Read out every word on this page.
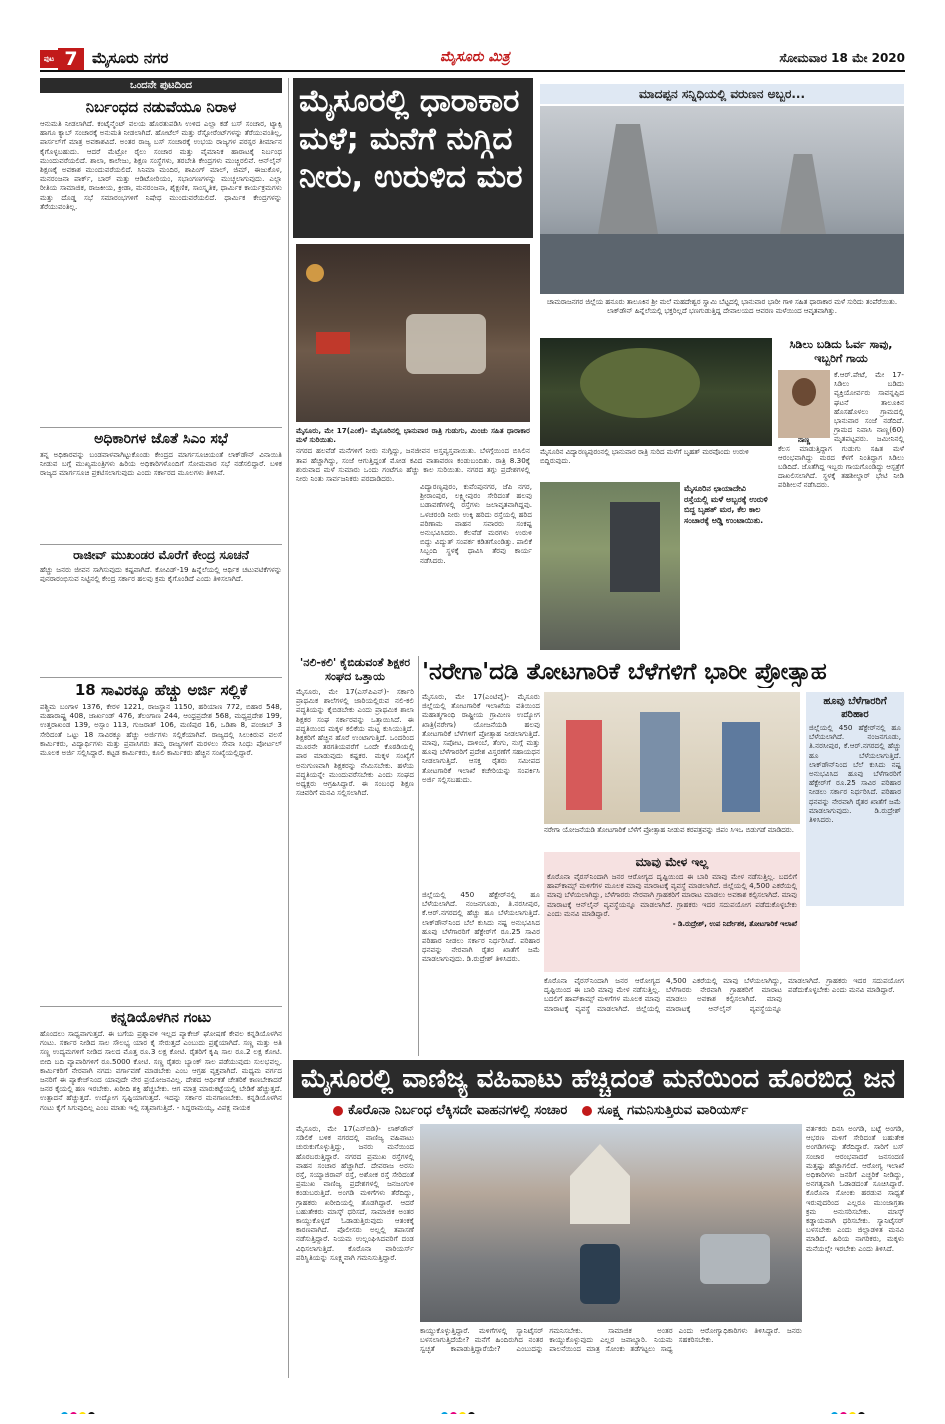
ಪುಟ 7 ಮೈಸೂರು ನಗರ	ಮೈಸೂರು ಮಿತ್ರ	ಸೋಮವಾರ 18 ಮೇ 2020
ಒಂದನೇ ಪುಟದಿಂದ
ನಿರ್ಬಂಧದ ನಡುವೆಯೂ ನಿರಾಳ
ಆನುಮತಿ ನೀಡಲಾಗಿದೆ. ಕಂಟೈನ್ಮೆಂಟ್ ವಲಯ ಹೊರತುಪಡಿಸಿ ಉಳಿದ ಎಲ್ಲಾ ಕಡೆ ಬಸ್ ಸಂಚಾರ, ಟ್ಯಾಕ್ಸಿ ಹಾಗೂ ಕ್ಯಾಬ್ ಸಂಚಾರಕ್ಕೆ ಅನುಮತಿ ನೀಡಲಾಗಿದೆ. ಹೋಟೆಲ್ ಮತ್ತು ರೆಸ್ಟೋರೆಂಟ್‌ಗಳನ್ನು ತೆರೆಯುವಂತಿಲ್ಲ, ಪಾರ್ಸಲ್‌ಗೆ ಮಾತ್ರ ಅವಕಾಶವಿದೆ. ಅಂತರ ರಾಜ್ಯ ಬಸ್ ಸಂಚಾರಕ್ಕೆ ಉಭಯ ರಾಜ್ಯಗಳ ಪರಸ್ಪರ ತೀರ್ಮಾನ ಕೈಗೊಳ್ಳಬಹುದು. ಆದರೆ ಮೆಟ್ರೋ ರೈಲು ಸಂಚಾರ ಮತ್ತು ವೈಮಾನಿಕ ಹಾರಾಟಕ್ಕೆ ನಿರ್ಬಂಧ ಮುಂದುವರೆಯಲಿದೆ. ಶಾಲಾ, ಕಾಲೇಜು, ಶಿಕ್ಷಣ ಸಂಸ್ಥೆಗಳು, ತರಬೇತಿ ಕೇಂದ್ರಗಳು ಮುಚ್ಚಿರಲಿವೆ. ಆನ್‌ಲೈನ್ ಶಿಕ್ಷಣಕ್ಕೆ ಅವಕಾಶ ಮುಂದುವರೆಯಲಿದೆ. ಸಿನಿಮಾ ಮಂದಿರ, ಶಾಪಿಂಗ್ ಮಾಲ್, ಜಿಮ್, ಈಜುಕೊಳ, ಮನರಂಜನಾ ಪಾರ್ಕ್, ಬಾರ್ ಮತ್ತು ಆಡಿಟೋರಿಯಂ, ಸಭಾಂಗಣಗಳನ್ನು ಮುಚ್ಚಲಾಗುವುದು. ಎಲ್ಲಾ ರೀತಿಯ ಸಾಮಾಜಿಕ, ರಾಜಕೀಯ, ಕ್ರೀಡಾ, ಮನರಂಜನಾ, ಶೈಕ್ಷಣಿಕ, ಸಾಂಸ್ಕೃತಿಕ, ಧಾರ್ಮಿಕ ಕಾರ್ಯಕ್ರಮಗಳು ಮತ್ತು ದೊಡ್ಡ ಸಭೆ ಸಮಾರಂಭಗಳಿಗೆ ನಿಷೇಧ ಮುಂದುವರೆಯಲಿದೆ. ಧಾರ್ಮಿಕ ಕೇಂದ್ರಗಳನ್ನು ತೆರೆಯುವಂತಿಲ್ಲ.
ಅಧಿಕಾರಿಗಳ ಜೊತೆ ಸಿಎಂ ಸಭೆ
ತನ್ನ ಅಧಿಕಾರವನ್ನು ಬಂಡವಾಳವಾಗಿಟ್ಟುಕೊಂಡು ಕೇಂದ್ರದ ಮಾರ್ಗಸೂಚಿಯಂತೆ ಲಾಕ್‌ಡೌನ್ ವಿನಾಯಿತಿ ನೀಡುವ ಬಗ್ಗೆ ಮುಖ್ಯಮಂತ್ರಿಗಳು ಹಿರಿಯ ಅಧಿಕಾರಿಗಳೊಂದಿಗೆ ಸೋಮವಾರ ಸಭೆ ನಡೆಸಲಿದ್ದಾರೆ. ಬಳಿಕ ರಾಜ್ಯದ ಮಾರ್ಗಸೂಚಿ ಪ್ರಕಟಿಸಲಾಗುವುದು ಎಂದು ಸರ್ಕಾರದ ಮೂಲಗಳು ತಿಳಿಸಿವೆ.
ರಾಜೀವ್ ಮುಖಂಡರ ಮೊರೆಗೆ ಕೇಂದ್ರ ಸೂಚನೆ
ಹೆಚ್ಚು ಜನರು ಜೀವನ ಸಾಗಿಸುವುದು ಕಷ್ಟವಾಗಿದೆ. ಕೋವಿಡ್-19 ಹಿನ್ನೆಲೆಯಲ್ಲಿ ಆರ್ಥಿಕ ಚಟುವಟಿಕೆಗಳನ್ನು ಪುನರಾರಂಭಿಸುವ ನಿಟ್ಟಿನಲ್ಲಿ ಕೇಂದ್ರ ಸರ್ಕಾರ ಹಲವು ಕ್ರಮ ಕೈಗೊಂಡಿದೆ ಎಂದು ತಿಳಿಸಲಾಗಿದೆ.
18 ಸಾವಿರಕ್ಕೂ ಹೆಚ್ಚು ಅರ್ಜಿ ಸಲ್ಲಿಕೆ
ಪಶ್ಚಿಮ ಬಂಗಾಳ 1376, ಕೇರಳ 1221, ರಾಜಸ್ಥಾನ 1150, ಹರಿಯಾಣ 772, ಬಿಹಾರ 548, ಮಹಾರಾಷ್ಟ್ರ 408, ಜಾರ್ಖಂಡ್ 476, ತೆಲಂಗಾಣ 244, ಆಂಧ್ರಪ್ರದೇಶ 568, ಮಧ್ಯಪ್ರದೇಶ 199, ಉತ್ತರಾಖಂಡ 139, ಅಸ್ಸಾಂ 113, ಗುಜರಾತ್ 106, ಮಣಿಪುರ 16, ಒಡಿಶಾ 8, ಪಂಜಾಬ್ 3 ಸೇರಿದಂತೆ ಒಟ್ಟು 18 ಸಾವಿರಕ್ಕೂ ಹೆಚ್ಚು ಅರ್ಜಿಗಳು ಸಲ್ಲಿಕೆಯಾಗಿವೆ. ರಾಜ್ಯದಲ್ಲಿ ಸಿಲುಕಿರುವ ವಲಸೆ ಕಾರ್ಮಿಕರು, ವಿದ್ಯಾರ್ಥಿಗಳು ಮತ್ತು ಪ್ರವಾಸಿಗರು ತಮ್ಮ ರಾಜ್ಯಗಳಿಗೆ ಮರಳಲು ಸೇವಾ ಸಿಂಧು ಪೋರ್ಟಲ್ ಮೂಲಕ ಅರ್ಜಿ ಸಲ್ಲಿಸಿದ್ದಾರೆ. ಕಟ್ಟಡ ಕಾರ್ಮಿಕರು, ಕೂಲಿ ಕಾರ್ಮಿಕರು ಹೆಚ್ಚಿನ ಸಂಖ್ಯೆಯಲ್ಲಿದ್ದಾರೆ.
ಕನ್ನಡಿಯೊಳಗಿನ ಗಂಟು
ಹೊಂದಲು ಸಾಧ್ಯವಾಗುತ್ತದೆ. ಈ ಬಗೆಯ ಪ್ರಶ್ನಾವಳಿ ಇಲ್ಲದ ಪ್ಯಾಕೇಜ್ ಘೋಷಣೆ ಕೇವಲ ಕನ್ನಡಿಯೊಳಗಿನ ಗಂಟು. ಸರ್ಕಾರ ನೀಡಿದ ಸಾಲ ಸೌಲಭ್ಯ ಯಾರ ಕೈ ಸೇರುತ್ತದೆ ಎಂಬುದು ಪ್ರಶ್ನೆಯಾಗಿದೆ. ಸಣ್ಣ ಮತ್ತು ಅತಿ ಸಣ್ಣ ಉದ್ಯಮಗಳಿಗೆ ನೀಡಿದ ಸಾಲದ ಮೊತ್ತ ರೂ.3 ಲಕ್ಷ ಕೋಟಿ. ರೈತರಿಗೆ ಕೃಷಿ ಸಾಲ ರೂ.2 ಲಕ್ಷ ಕೋಟಿ. ಬೀದಿ ಬದಿ ವ್ಯಾಪಾರಿಗಳಿಗೆ ರೂ.5000 ಕೋಟಿ. ಸಣ್ಣ ರೈತರು ಬ್ಯಾಂಕ್ ಸಾಲ ಪಡೆಯುವುದು ಸುಲಭವಲ್ಲ. ಕಾರ್ಮಿಕರಿಗೆ ನೇರವಾಗಿ ನಗದು ವರ್ಗಾವಣೆ ಮಾಡಬೇಕು ಎಂಬ ಆಗ್ರಹ ವ್ಯಕ್ತವಾಗಿದೆ. ಮಧ್ಯಮ ವರ್ಗದ ಜನರಿಗೆ ಈ ಪ್ಯಾಕೇಜ್‌ನಿಂದ ಯಾವುದೇ ನೇರ ಪ್ರಯೋಜನವಿಲ್ಲ. ದೇಶದ ಆರ್ಥಿಕತೆ ಚೇತರಿಕೆ ಕಾಣಬೇಕಾದರೆ ಜನರ ಕೈಯಲ್ಲಿ ಹಣ ಇರಬೇಕು. ಖರೀದಿ ಶಕ್ತಿ ಹೆಚ್ಚಬೇಕು. ಆಗ ಮಾತ್ರ ಮಾರುಕಟ್ಟೆಯಲ್ಲಿ ಬೇಡಿಕೆ ಹೆಚ್ಚುತ್ತದೆ. ಉತ್ಪಾದನೆ ಹೆಚ್ಚುತ್ತದೆ. ಉದ್ಯೋಗ ಸೃಷ್ಟಿಯಾಗುತ್ತದೆ. ಇದನ್ನು ಸರ್ಕಾರ ಮನಗಾಣಬೇಕು. ಕನ್ನಡಿಯೊಳಗಿನ ಗಂಟು ಕೈಗೆ ಸಿಗುವುದಿಲ್ಲ ಎಂಬ ಮಾತು ಇಲ್ಲಿ ಸತ್ಯವಾಗುತ್ತಿದೆ. - ಸಿದ್ದರಾಮಯ್ಯ, ವಿಪಕ್ಷ ನಾಯಕ
ಮೈಸೂರಲ್ಲಿ ಧಾರಾಕಾರ ಮಳೆ; ಮನೆಗೆ ನುಗ್ಗಿದ ನೀರು, ಉರುಳಿದ ಮರ
ಮೈಸೂರು, ಮೇ 17(ಎಂಕೆ)- ಮೈಸೂರಿನಲ್ಲಿ ಭಾನುವಾರ ರಾತ್ರಿ ಗುಡುಗು, ಮಿಂಚು ಸಹಿತ ಧಾರಾಕಾರ ಮಳೆ ಸುರಿಯಿತು.
ನಗರದ ಹಲವೆಡೆ ಮನೆಗಳಿಗೆ ನೀರು ನುಗ್ಗಿದ್ದು, ಜನಜೀವನ ಅಸ್ತವ್ಯಸ್ತವಾಯಿತು. ಬೆಳಗ್ಗೆಯಿಂದ ಬಿಸಿಲಿನ ತಾಪ ಹೆಚ್ಚಾಗಿದ್ದು, ಸಂಜೆ ಆಗುತ್ತಿದ್ದಂತೆ ಮೋಡ ಕವಿದ ವಾತಾವರಣ ಕಂಡುಬಂದಿತು. ರಾತ್ರಿ 8.30ಕ್ಕೆ ಶುರುವಾದ ಮಳೆ ಸುಮಾರು ಒಂದು ಗಂಟೆಗೂ ಹೆಚ್ಚು ಕಾಲ ಸುರಿಯಿತು. ನಗರದ ತಗ್ಗು ಪ್ರದೇಶಗಳಲ್ಲಿ ನೀರು ನಿಂತು ಸಾರ್ವಜನಿಕರು ಪರದಾಡಿದರು.
ಮಾದಪ್ಪನ ಸನ್ನಿಧಿಯಲ್ಲಿ ವರುಣನ ಅಬ್ಬರ...
ಚಾಮರಾಜನಗರ ಜಿಲ್ಲೆಯ ಹನೂರು ತಾಲೂಕಿನ ಶ್ರೀ ಮಲೆ ಮಹದೇಶ್ವರ ಸ್ವಾಮಿ ಬೆಟ್ಟದಲ್ಲಿ ಭಾನುವಾರ ಭಾರೀ ಗಾಳಿ ಸಹಿತ ಧಾರಾಕಾರ ಮಳೆ ಸುರಿದು ತಂಪೆರೆಯಿತು. ಲಾಕ್‌ಡೌನ್ ಹಿನ್ನೆಲೆಯಲ್ಲಿ ಭಕ್ತರಿಲ್ಲದೆ ಭಣಗುಡುತ್ತಿದ್ದ ದೇವಾಲಯದ ಆವರಣ ಮಳೆಯಿಂದ ಆವೃತವಾಗಿತ್ತು.
ಮೈಸೂರಿನ ವಿದ್ಯಾರಣ್ಯಪುರಂನಲ್ಲಿ ಭಾನುವಾರ ರಾತ್ರಿ ಸುರಿದ ಮಳೆಗೆ ಬೃಹತ್ ಮರವೊಂದು ಉರುಳಿ ಬಿದ್ದಿರುವುದು.
ಸಿಡಿಲು ಬಡಿದು ಓರ್ವ ಸಾವು, ಇಬ್ಬರಿಗೆ ಗಾಯ
ಕೆ.ಆರ್.ಪೇಟೆ, ಮೇ 17- ಸಿಡಿಲು ಬಡಿದು ವ್ಯಕ್ತಿಯೋರ್ವರು ಸಾವನ್ನಪ್ಪಿದ ಘಟನೆ ತಾಲೂಕಿನ ಹೊಸಹೊಳಲು ಗ್ರಾಮದಲ್ಲಿ ಭಾನುವಾರ ಸಂಜೆ ನಡೆದಿದೆ. ಗ್ರಾಮದ ನಿವಾಸಿ ನಾಣ್ಣ(60) ಮೃತಪಟ್ಟವರು. ಜಮೀನಿನಲ್ಲಿ ಕೆಲಸ ಮಾಡುತ್ತಿದ್ದಾಗ ಗುಡುಗು ಸಹಿತ ಮಳೆ ಆರಂಭವಾಗಿದ್ದು ಮರದ ಕೆಳಗೆ ನಿಂತಿದ್ದಾಗ ಸಿಡಿಲು ಬಡಿದಿದೆ. ಜೊತೆಗಿದ್ದ ಇಬ್ಬರು ಗಾಯಗೊಂಡಿದ್ದು ಆಸ್ಪತ್ರೆಗೆ ದಾಖಲಿಸಲಾಗಿದೆ. ಸ್ಥಳಕ್ಕೆ ತಹಶೀಲ್ದಾರ್ ಭೇಟಿ ನೀಡಿ ಪರಿಶೀಲನೆ ನಡೆಸಿದರು.
ನಾಣ್ಣ
ವಿದ್ಯಾರಣ್ಯಪುರಂ, ಕುವೆಂಪುನಗರ, ಜೆಪಿ ನಗರ, ಶ್ರೀರಾಂಪುರ, ಲಕ್ಷ್ಮೀಪುರಂ ಸೇರಿದಂತೆ ಹಲವು ಬಡಾವಣೆಗಳಲ್ಲಿ ರಸ್ತೆಗಳು ಜಲಾವೃತವಾಗಿದ್ದವು. ಒಳಚರಂಡಿ ನೀರು ಉಕ್ಕಿ ಹರಿದು ರಸ್ತೆಯಲ್ಲಿ ಹರಿದ ಪರಿಣಾಮ ವಾಹನ ಸವಾರರು ಸಂಕಷ್ಟ ಅನುಭವಿಸಿದರು. ಕೆಲವೆಡೆ ಮರಗಳು ಉರುಳಿ ಬಿದ್ದು ವಿದ್ಯುತ್ ಸಂಪರ್ಕ ಕಡಿತಗೊಂಡಿತ್ತು. ಪಾಲಿಕೆ ಸಿಬ್ಬಂದಿ ಸ್ಥಳಕ್ಕೆ ಧಾವಿಸಿ ತೆರವು ಕಾರ್ಯ ನಡೆಸಿದರು.
ಮೈಸೂರಿನ ಛಾಯಾದೇವಿ ರಸ್ತೆಯಲ್ಲಿ ಮಳೆ ಅಬ್ಬರಕ್ಕೆ ಉರುಳಿ ಬಿದ್ದ ಬೃಹತ್ ಮರ, ಕೆಲ ಕಾಲ ಸಂಚಾರಕ್ಕೆ ಅಡ್ಡಿ ಉಂಟಾಯಿತು.
'ನಲಿ-ಕಲಿ' ಕೈಬಿಡುವಂತೆ ಶಿಕ್ಷಕರ ಸಂಘದ ಒತ್ತಾಯ
ಮೈಸೂರು, ಮೇ 17(ಎಸ್‌ಪಿಎನ್)- ಸರ್ಕಾರಿ ಪ್ರಾಥಮಿಕ ಶಾಲೆಗಳಲ್ಲಿ ಜಾರಿಯಲ್ಲಿರುವ ನಲಿ-ಕಲಿ ಪದ್ಧತಿಯನ್ನು ಕೈಬಿಡಬೇಕು ಎಂದು ಪ್ರಾಥಮಿಕ ಶಾಲಾ ಶಿಕ್ಷಕರ ಸಂಘ ಸರ್ಕಾರವನ್ನು ಒತ್ತಾಯಿಸಿದೆ. ಈ ಪದ್ಧತಿಯಿಂದ ಮಕ್ಕಳ ಕಲಿಕೆಯ ಮಟ್ಟ ಕುಸಿಯುತ್ತಿದೆ. ಶಿಕ್ಷಕರಿಗೆ ಹೆಚ್ಚಿನ ಹೊರೆ ಉಂಟಾಗುತ್ತಿದೆ. ಒಂದರಿಂದ ಮೂರನೇ ತರಗತಿಯವರೆಗೆ ಒಂದೇ ಕೊಠಡಿಯಲ್ಲಿ ಪಾಠ ಮಾಡುವುದು ಕಷ್ಟಕರ. ಮಕ್ಕಳ ಸಂಖ್ಯೆಗೆ ಅನುಗುಣವಾಗಿ ಶಿಕ್ಷಕರನ್ನು ನೇಮಿಸಬೇಕು. ಹಳೆಯ ಪದ್ಧತಿಯನ್ನೇ ಮುಂದುವರೆಸಬೇಕು ಎಂದು ಸಂಘದ ಅಧ್ಯಕ್ಷರು ಆಗ್ರಹಿಸಿದ್ದಾರೆ. ಈ ಸಂಬಂಧ ಶಿಕ್ಷಣ ಸಚಿವರಿಗೆ ಮನವಿ ಸಲ್ಲಿಸಲಾಗಿದೆ.
'ನರೇಗಾ'ದಡಿ ತೋಟಗಾರಿಕೆ ಬೆಳೆಗಳಿಗೆ ಭಾರೀ ಪ್ರೋತ್ಸಾಹ
ಮೈಸೂರು, ಮೇ 17(ಎಂಟಿವೈ)- ಮೈಸೂರು ಜಿಲ್ಲೆಯಲ್ಲಿ ತೋಟಗಾರಿಕೆ ಇಲಾಖೆಯ ವತಿಯಿಂದ ಮಹಾತ್ಮಗಾಂಧಿ ರಾಷ್ಟ್ರೀಯ ಗ್ರಾಮೀಣ ಉದ್ಯೋಗ ಖಾತ್ರಿ(ನರೇಗಾ) ಯೋಜನೆಯಡಿ ಹಲವು ತೋಟಗಾರಿಕೆ ಬೆಳೆಗಳಿಗೆ ಪ್ರೋತ್ಸಾಹ ನೀಡಲಾಗುತ್ತಿದೆ. ಮಾವು, ಸಪೋಟ, ದಾಳಿಂಬೆ, ತೆಂಗು, ನುಗ್ಗೆ ಮತ್ತು ಹೂವು ಬೆಳೆಗಾರರಿಗೆ ಪ್ರದೇಶ ವಿಸ್ತರಣೆಗೆ ಸಹಾಯಧನ ನೀಡಲಾಗುತ್ತಿದೆ. ಆಸಕ್ತ ರೈತರು ಸಮೀಪದ ತೋಟಗಾರಿಕೆ ಇಲಾಖೆ ಕಚೇರಿಯನ್ನು ಸಂಪರ್ಕಿಸಿ ಅರ್ಜಿ ಸಲ್ಲಿಸಬಹುದು.
ನರೇಗಾ ಯೋಜನೆಯಡಿ ತೋಟಗಾರಿಕೆ ಬೆಳೆಗೆ ಪ್ರೋತ್ಸಾಹ ನೀಡುವ ಕರಪತ್ರವನ್ನು ಜಿಪಂ ಸಿಇಒ ಬಿಡುಗಡೆ ಮಾಡಿದರು.
ಹೂವು ಬೆಳೆಗಾರರಿಗೆ ಪರಿಹಾರ
ಜಿಲ್ಲೆಯಲ್ಲಿ 450 ಹೆಕ್ಟೇರ್‌ನಲ್ಲಿ ಹೂ ಬೆಳೆಯಲಾಗಿದೆ. ನಂಜನಗೂಡು, ತಿ.ನರಸೀಪುರ, ಕೆ.ಆರ್.ನಗರದಲ್ಲಿ ಹೆಚ್ಚು ಹೂ ಬೆಳೆಯಲಾಗುತ್ತಿದೆ. ಲಾಕ್‌ಡೌನ್‌ನಿಂದ ಬೆಲೆ ಕುಸಿದು ನಷ್ಟ ಅನುಭವಿಸಿದ ಹೂವು ಬೆಳೆಗಾರರಿಗೆ ಹೆಕ್ಟೇರ್‌ಗೆ ರೂ.25 ಸಾವಿರ ಪರಿಹಾರ ನೀಡಲು ಸರ್ಕಾರ ನಿರ್ಧರಿಸಿದೆ. ಪರಿಹಾರ ಧನವನ್ನು ನೇರವಾಗಿ ರೈತರ ಖಾತೆಗೆ ಜಮೆ ಮಾಡಲಾಗುವುದು. ಡಿ.ರುದ್ರೇಶ್ ತಿಳಿಸಿದರು.
ಮಾವು ಮೇಳ ಇಲ್ಲ
ಕೊರೊನಾ ವೈರಸ್‌ನಿಂದಾಗಿ ಜನರ ಆರೋಗ್ಯದ ದೃಷ್ಟಿಯಿಂದ ಈ ಬಾರಿ ಮಾವು ಮೇಳ ನಡೆಸುತ್ತಿಲ್ಲ. ಬದಲಿಗೆ ಹಾಪ್‌ಕಾಮ್ಸ್ ಮಳಿಗೆಗಳ ಮೂಲಕ ಮಾವು ಮಾರಾಟಕ್ಕೆ ವ್ಯವಸ್ಥೆ ಮಾಡಲಾಗಿದೆ. ಜಿಲ್ಲೆಯಲ್ಲಿ 4,500 ಎಕರೆಯಲ್ಲಿ ಮಾವು ಬೆಳೆಯಲಾಗಿದ್ದು, ಬೆಳೆಗಾರರು ನೇರವಾಗಿ ಗ್ರಾಹಕರಿಗೆ ಮಾರಾಟ ಮಾಡಲು ಅವಕಾಶ ಕಲ್ಪಿಸಲಾಗಿದೆ. ಮಾವು ಮಾರಾಟಕ್ಕೆ ಆನ್‌ಲೈನ್ ವ್ಯವಸ್ಥೆಯನ್ನೂ ಮಾಡಲಾಗಿದೆ. ಗ್ರಾಹಕರು ಇದರ ಸದುಪಯೋಗ ಪಡೆದುಕೊಳ್ಳಬೇಕು ಎಂದು ಮನವಿ ಮಾಡಿದ್ದಾರೆ.
- ಡಿ.ರುದ್ರೇಶ್, ಉಪ ನಿರ್ದೇಶಕ, ತೋಟಗಾರಿಕೆ ಇಲಾಖೆ
ಜಿಲ್ಲೆಯಲ್ಲಿ 450 ಹೆಕ್ಟೇರ್‌ನಲ್ಲಿ ಹೂ ಬೆಳೆಯಲಾಗಿದೆ. ನಂಜನಗೂಡು, ತಿ.ನರಸೀಪುರ, ಕೆ.ಆರ್.ನಗರದಲ್ಲಿ ಹೆಚ್ಚು ಹೂ ಬೆಳೆಯಲಾಗುತ್ತಿದೆ. ಲಾಕ್‌ಡೌನ್‌ನಿಂದ ಬೆಲೆ ಕುಸಿದು ನಷ್ಟ ಅನುಭವಿಸಿದ ಹೂವು ಬೆಳೆಗಾರರಿಗೆ ಹೆಕ್ಟೇರ್‌ಗೆ ರೂ.25 ಸಾವಿರ ಪರಿಹಾರ ನೀಡಲು ಸರ್ಕಾರ ನಿರ್ಧರಿಸಿದೆ. ಪರಿಹಾರ ಧನವನ್ನು ನೇರವಾಗಿ ರೈತರ ಖಾತೆಗೆ ಜಮೆ ಮಾಡಲಾಗುವುದು. ಡಿ.ರುದ್ರೇಶ್ ತಿಳಿಸಿದರು.
ಕೊರೊನಾ ವೈರಸ್‌ನಿಂದಾಗಿ ಜನರ ಆರೋಗ್ಯದ ದೃಷ್ಟಿಯಿಂದ ಈ ಬಾರಿ ಮಾವು ಮೇಳ ನಡೆಸುತ್ತಿಲ್ಲ. ಬದಲಿಗೆ ಹಾಪ್‌ಕಾಮ್ಸ್ ಮಳಿಗೆಗಳ ಮೂಲಕ ಮಾವು ಮಾರಾಟಕ್ಕೆ ವ್ಯವಸ್ಥೆ ಮಾಡಲಾಗಿದೆ. ಜಿಲ್ಲೆಯಲ್ಲಿ 4,500 ಎಕರೆಯಲ್ಲಿ ಮಾವು ಬೆಳೆಯಲಾಗಿದ್ದು, ಬೆಳೆಗಾರರು ನೇರವಾಗಿ ಗ್ರಾಹಕರಿಗೆ ಮಾರಾಟ ಮಾಡಲು ಅವಕಾಶ ಕಲ್ಪಿಸಲಾಗಿದೆ. ಮಾವು ಮಾರಾಟಕ್ಕೆ ಆನ್‌ಲೈನ್ ವ್ಯವಸ್ಥೆಯನ್ನೂ ಮಾಡಲಾಗಿದೆ. ಗ್ರಾಹಕರು ಇದರ ಸದುಪಯೋಗ ಪಡೆದುಕೊಳ್ಳಬೇಕು ಎಂದು ಮನವಿ ಮಾಡಿದ್ದಾರೆ.
ಮೈಸೂರಲ್ಲಿ ವಾಣಿಜ್ಯ ವಹಿವಾಟು ಹೆಚ್ಚಿದಂತೆ ಮನೆಯಿಂದ ಹೊರಬಿದ್ದ ಜನ
ಕೊರೊನಾ ನಿರ್ಬಂಧ ಲೆಕ್ಕಿಸದೇ ವಾಹನಗಳಲ್ಲಿ ಸಂಚಾರ ಸೂಕ್ಷ್ಮ ಗಮನಿಸುತ್ತಿರುವ ವಾರಿಯರ್ಸ್
ಮೈಸೂರು, ಮೇ 17(ಎಸ್‌ಬಿಡಿ)- ಲಾಕ್‌ಡೌನ್ ಸಡಿಲಿಕೆ ಬಳಿಕ ನಗರದಲ್ಲಿ ವಾಣಿಜ್ಯ ವಹಿವಾಟು ಚುರುಕುಗೊಳ್ಳುತ್ತಿದ್ದು, ಜನರು ಮನೆಯಿಂದ ಹೊರಬರುತ್ತಿದ್ದಾರೆ. ನಗರದ ಪ್ರಮುಖ ರಸ್ತೆಗಳಲ್ಲಿ ವಾಹನ ಸಂಚಾರ ಹೆಚ್ಚಾಗಿದೆ. ದೇವರಾಜ ಅರಸು ರಸ್ತೆ, ಸಯ್ಯಾಜಿರಾವ್ ರಸ್ತೆ, ಅಶೋಕ ರಸ್ತೆ ಸೇರಿದಂತೆ ಪ್ರಮುಖ ವಾಣಿಜ್ಯ ಪ್ರದೇಶಗಳಲ್ಲಿ ಜನಜಂಗುಳಿ ಕಂಡುಬರುತ್ತಿದೆ. ಅಂಗಡಿ ಮಳಿಗೆಗಳು ತೆರೆದಿದ್ದು, ಗ್ರಾಹಕರು ಖರೀದಿಯಲ್ಲಿ ತೊಡಗಿದ್ದಾರೆ. ಆದರೆ ಬಹುತೇಕರು ಮಾಸ್ಕ್ ಧರಿಸದೆ, ಸಾಮಾಜಿಕ ಅಂತರ ಕಾಯ್ದುಕೊಳ್ಳದೆ ಓಡಾಡುತ್ತಿರುವುದು ಆತಂಕಕ್ಕೆ ಕಾರಣವಾಗಿದೆ. ಪೊಲೀಸರು ಅಲ್ಲಲ್ಲಿ ತಪಾಸಣೆ ನಡೆಸುತ್ತಿದ್ದಾರೆ. ನಿಯಮ ಉಲ್ಲಂಘಿಸಿದವರಿಗೆ ದಂಡ ವಿಧಿಸಲಾಗುತ್ತಿದೆ. ಕೊರೊನಾ ವಾರಿಯರ್ಸ್ ಪರಿಸ್ಥಿತಿಯನ್ನು ಸೂಕ್ಷ್ಮವಾಗಿ ಗಮನಿಸುತ್ತಿದ್ದಾರೆ.
ಕಾಯ್ದುಕೊಳ್ಳುತ್ತಿದ್ದಾರೆ. ಮಳಿಗೆಗಳಲ್ಲಿ ಸ್ಯಾನಿಟೈಸರ್ ಬಳಸಲಾಗುತ್ತಿದೆಯೇ? ಮನೆಗೆ ಹಿಂದಿರುಗಿದ ನಂತರ ಸ್ವಚ್ಛತೆ ಕಾಪಾಡುತ್ತಿದ್ದಾರೆಯೇ? ಎಂಬುದನ್ನು ಗಮನಿಸಬೇಕು. ಸಾಮಾಜಿಕ ಅಂತರ ಕಾಯ್ದುಕೊಳ್ಳುವುದು ಎಲ್ಲರ ಜವಾಬ್ದಾರಿ. ನಿಯಮ ಪಾಲನೆಯಿಂದ ಮಾತ್ರ ಸೋಂಕು ತಡೆಗಟ್ಟಲು ಸಾಧ್ಯ ಎಂದು ಆರೋಗ್ಯಾಧಿಕಾರಿಗಳು ತಿಳಿಸಿದ್ದಾರೆ. ಜನರು ಸಹಕರಿಸಬೇಕು.
ವರ್ತಕರು ದಿನಸಿ ಅಂಗಡಿ, ಬಟ್ಟೆ ಅಂಗಡಿ, ಆಭರಣ ಮಳಿಗೆ ಸೇರಿದಂತೆ ಬಹುತೇಕ ಅಂಗಡಿಗಳನ್ನು ತೆರೆದಿದ್ದಾರೆ. ಸಾರಿಗೆ ಬಸ್ ಸಂಚಾರ ಆರಂಭವಾದರೆ ಜನಸಂದಣಿ ಮತ್ತಷ್ಟು ಹೆಚ್ಚಾಗಲಿದೆ. ಆರೋಗ್ಯ ಇಲಾಖೆ ಅಧಿಕಾರಿಗಳು ಜನರಿಗೆ ಎಚ್ಚರಿಕೆ ನೀಡಿದ್ದು, ಅನಗತ್ಯವಾಗಿ ಓಡಾಡದಂತೆ ಸೂಚಿಸಿದ್ದಾರೆ. ಕೊರೊನಾ ಸೋಂಕು ಹರಡುವ ಸಾಧ್ಯತೆ ಇರುವುದರಿಂದ ಎಲ್ಲರೂ ಮುಂಜಾಗ್ರತಾ ಕ್ರಮ ಅನುಸರಿಸಬೇಕು. ಮಾಸ್ಕ್ ಕಡ್ಡಾಯವಾಗಿ ಧರಿಸಬೇಕು. ಸ್ಯಾನಿಟೈಸರ್ ಬಳಸಬೇಕು ಎಂದು ಜಿಲ್ಲಾಡಳಿತ ಮನವಿ ಮಾಡಿದೆ. ಹಿರಿಯ ನಾಗರಿಕರು, ಮಕ್ಕಳು ಮನೆಯಲ್ಲೇ ಇರಬೇಕು ಎಂದು ತಿಳಿಸಿದೆ.
